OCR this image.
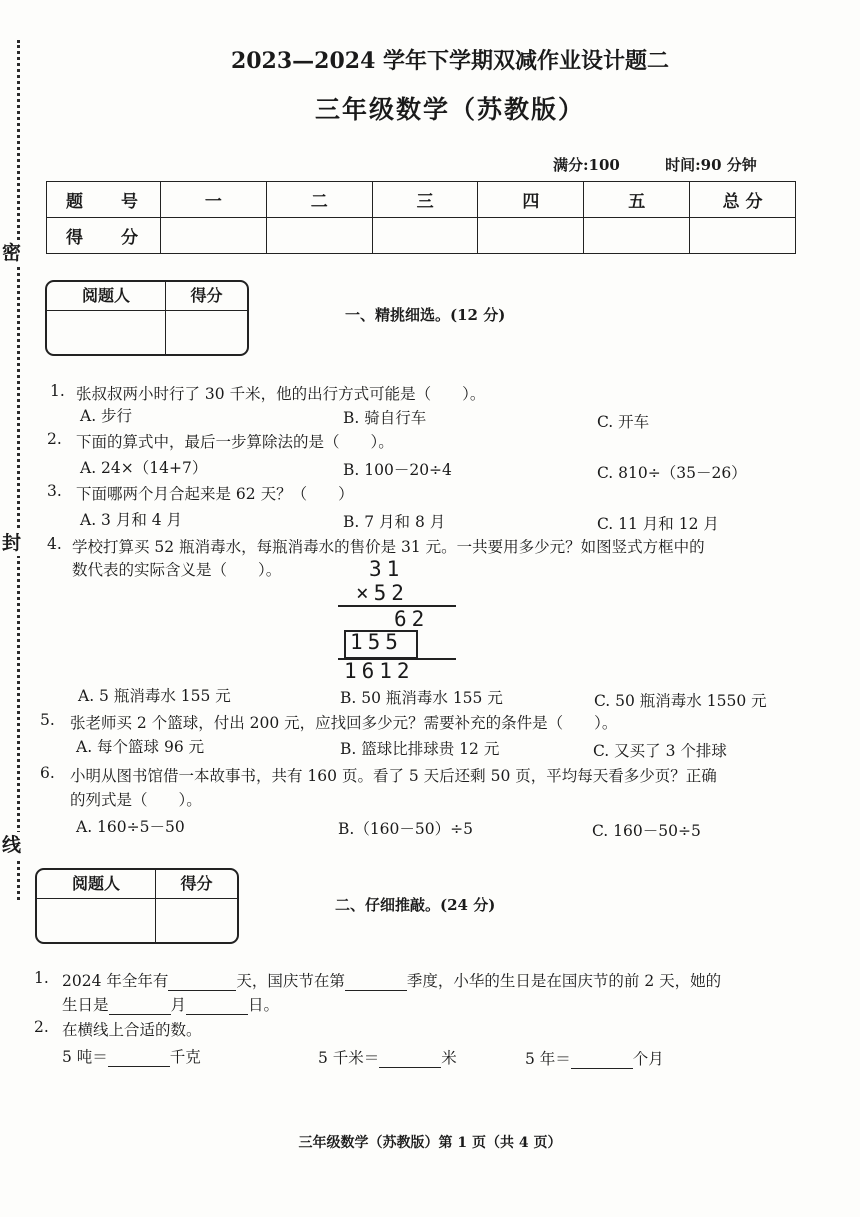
密
封
线
2023—2024 学年下学期双减作业设计题二
三年级数学（苏教版）
满分:100	时间:90 分钟
题 号	一	二	三	四	五	总 分
得 分						
阅题人	得分
一、精挑细选。(12 分)
1. 张叔叔两小时行了 30 千米，他的出行方式可能是（　　）。
A. 步行	B. 骑自行车	C. 开车
2. 下面的算式中，最后一步算除法的是（　　）。
A. 24×（14+7）	B. 100－20÷4	C. 810÷（35－26）
3. 下面哪两个月合起来是 62 天？（　　）
A. 3 月和 4 月	B. 7 月和 8 月	C. 11 月和 12 月
4. 学校打算买 52 瓶消毒水，每瓶消毒水的售价是 31 元。一共要用多少元？如图竖式方框中的
数代表的实际含义是（　　）。	31
×52
62
155
1612
A. 5 瓶消毒水 155 元	B. 50 瓶消毒水 155 元	C. 50 瓶消毒水 1550 元
5. 张老师买 2 个篮球，付出 200 元，应找回多少元？需要补充的条件是（　　）。
A. 每个篮球 96 元	B. 篮球比排球贵 12 元	C. 又买了 3 个排球
6. 小明从图书馆借一本故事书，共有 160 页。看了 5 天后还剩 50 页，平均每天看多少页？正确
的列式是（　　）。
A. 160÷5－50	B.（160－50）÷5	C. 160－50÷5
阅题人	得分
二、仔细推敲。(24 分)
1. 2024 年全年有	天，国庆节在第	季度，小华的生日是在国庆节的前 2 天，她的
生日是	月	日。
2. 在横线上合适的数。
5 吨＝	千克	5 千米＝	米	5 年＝	个月
三年级数学（苏教版）第 1 页（共 4 页）
